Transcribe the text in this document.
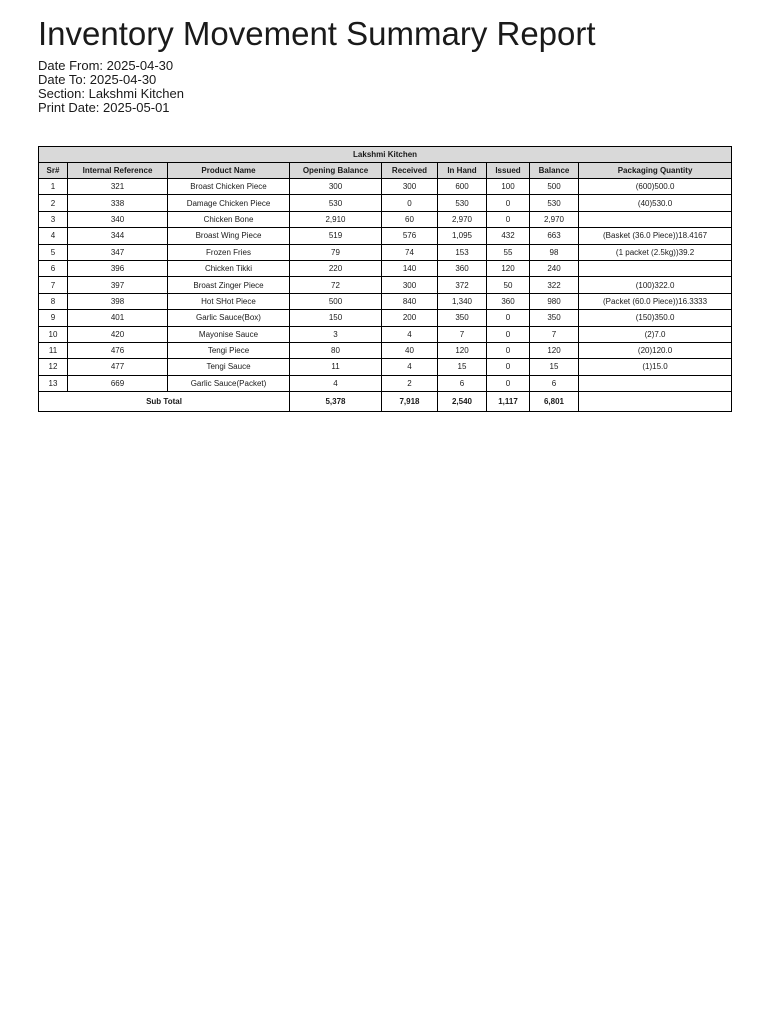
Inventory Movement Summary Report
Date From: 2025-04-30
Date To: 2025-04-30
Section: Lakshmi Kitchen
Print Date: 2025-05-01
Lakshmi Kitchen								
Sr#	Internal Reference	Product Name	Opening Balance	Received	In Hand	Issued	Balance	Packaging Quantity
1	321	Broast Chicken Piece	300	300	600	100	500	(600)500.0
2	338	Damage Chicken Piece	530	0	530	0	530	(40)530.0
3	340	Chicken Bone	2,910	60	2,970	0	2,970	
4	344	Broast Wing Piece	519	576	1,095	432	663	(Basket (36.0 Piece))18.4167
5	347	Frozen Fries	79	74	153	55	98	(1 packet (2.5kg))39.2
6	396	Chicken Tikki	220	140	360	120	240	
7	397	Broast Zinger Piece	72	300	372	50	322	(100)322.0
8	398	Hot SHot Piece	500	840	1,340	360	980	(Packet (60.0 Piece))16.3333
9	401	Garlic Sauce(Box)	150	200	350	0	350	(150)350.0
10	420	Mayonise Sauce	3	4	7	0	7	(2)7.0
11	476	Tengi Piece	80	40	120	0	120	(20)120.0
12	477	Tengi Sauce	11	4	15	0	15	(1)15.0
13	669	Garlic Sauce(Packet)	4	2	6	0	6	
Sub Total			5,378	7,918	2,540	1,117	6,801	
